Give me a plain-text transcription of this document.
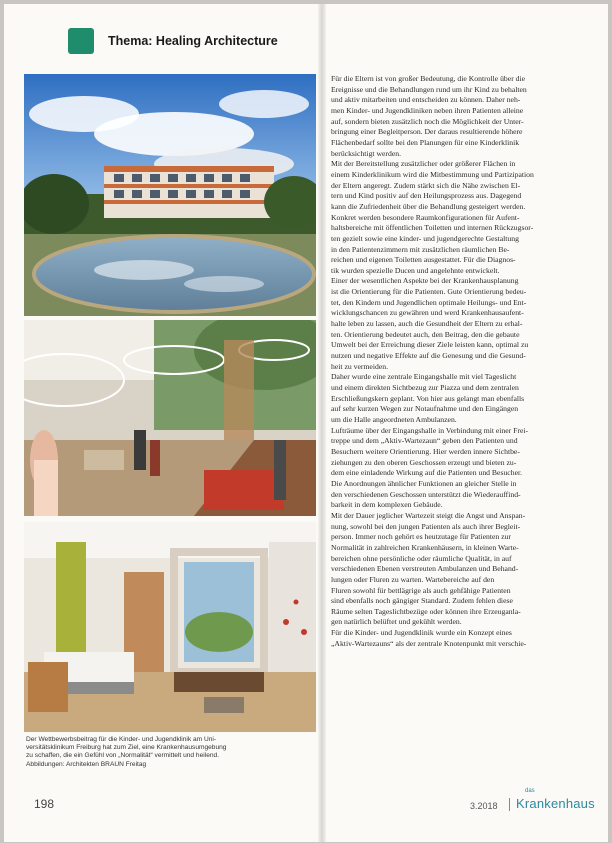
Thema: Healing Architecture
Der Wettbewerbsbeitrag für die Kinder- und Jugendklinik am Uni-
versitätsklinikum Freiburg hat zum Ziel, eine Krankenhausumgebung
zu schaffen, die ein Gefühl von „Normalität“ vermittelt und heilend.
Abbildungen: Architekten BRAUN Freitag
Für die Eltern ist von großer Bedeutung, die Kontrolle über die
Ereignisse und die Behandlungen rund um ihr Kind zu behalten
und aktiv mitarbeiten und entscheiden zu können. Daher neh-
men Kinder- und Jugendkliniken neben ihren Patienten alleine
auf, sondern bieten zusätzlich noch die Möglichkeit der Unter-
bringung einer Begleitperson. Der daraus resultierende höhere
Flächenbedarf sollte bei den Planungen für eine Kinderklinik
berücksichtigt werden.
Mit der Bereitstellung zusätzlicher oder größerer Flächen in
einem Kinderklinikum wird die Mitbestimmung und Partizipation
der Eltern angeregt. Zudem stärkt sich die Nähe zwischen El-
tern und Kind positiv auf den Heilungsprozess aus. Dagegend
kann die Zufriedenheit über die Behandlung gesteigert werden.
Konkret werden besondere Raumkonfigurationen für Aufent-
haltsbereiche mit öffentlichen Toiletten und internen Rückzugsor-
ten gezielt sowie eine kinder- und jugendgerechte Gestaltung
in den Patientenzimmern mit zusätzlichen räumlichen Be-
reichen und eigenen Toiletten ausgestattet. Für die Diagnos-
tik wurden spezielle Ducen und angelehnte entwickelt.
Einer der wesentlichen Aspekte bei der Krankenhausplanung
ist die Orientierung für die Patienten. Gute Orientierung bedeu-
tet, den Kindern und Jugendlichen optimale Heilungs- und Ent-
wicklungschancen zu gewähren und werd Krankenhausaufent-
halte leben zu lassen, auch die Gesundheit der Eltern zu erhal-
ten. Orientierung bedeutet auch, den Beitrag, den die gebaute
Umwelt bei der Erreichung dieser Ziele leisten kann, optimal zu
nutzen und negative Effekte auf die Genesung und die Gesund-
heit zu vermeiden.
Daher wurde eine zentrale Eingangshalle mit viel Tageslicht
und einem direkten Sichtbezug zur Piazza und dem zentralen
Erschließungskern geplant. Von hier aus gelangt man ebenfalls
auf sehr kurzen Wegen zur Notaufnahme und den Eingängen
um die Halle angeordneten Ambulanzen.
Lufträume über der Eingangshalle in Verbindung mit einer Frei-
treppe und dem „Aktiv-Wartezaun“ geben den Patienten und
Besuchern weitere Orientierung. Hier werden innere Sichtbe-
ziehungen zu den oberen Geschossen erzeugt und bieten zu-
dem eine einladende Wirkung auf die Patienten und Besucher.
Die Anordnungen ähnlicher Funktionen an gleicher Stelle in
den verschiedenen Geschossen unterstützt die Wiederauffind-
barkeit in dem komplexen Gebäude.
Mit der Dauer jeglicher Wartezeit steigt die Angst und Anspan-
nung, sowohl bei den jungen Patienten als auch ihrer Begleit-
person. Immer noch gehört es heutzutage für Patienten zur
Normalität in zahlreichen Krankenhäusern, in kleinen Warte-
bereichen ohne persönliche oder räumliche Qualität, in auf
verschiedenen Ebenen verstreuten Ambulanzen und Behand-
lungen oder Fluren zu warten. Wartebereiche auf den
Fluren sowohl für bettlägrige als auch gehfähige Patienten
sind ebenfalls noch gängiger Standard. Zudem fehlen diese
Räume selten Tageslichtbezüge oder können ihre Erzeuganla-
gen natürlich belüftet und gekühlt werden.
Für die Kinder- und Jugendklinik wurde ein Konzept eines
„Aktiv-Wartezauns“ als der zentrale Knotenpunkt mit verschie-
198	3.2018
das
Krankenhaus
